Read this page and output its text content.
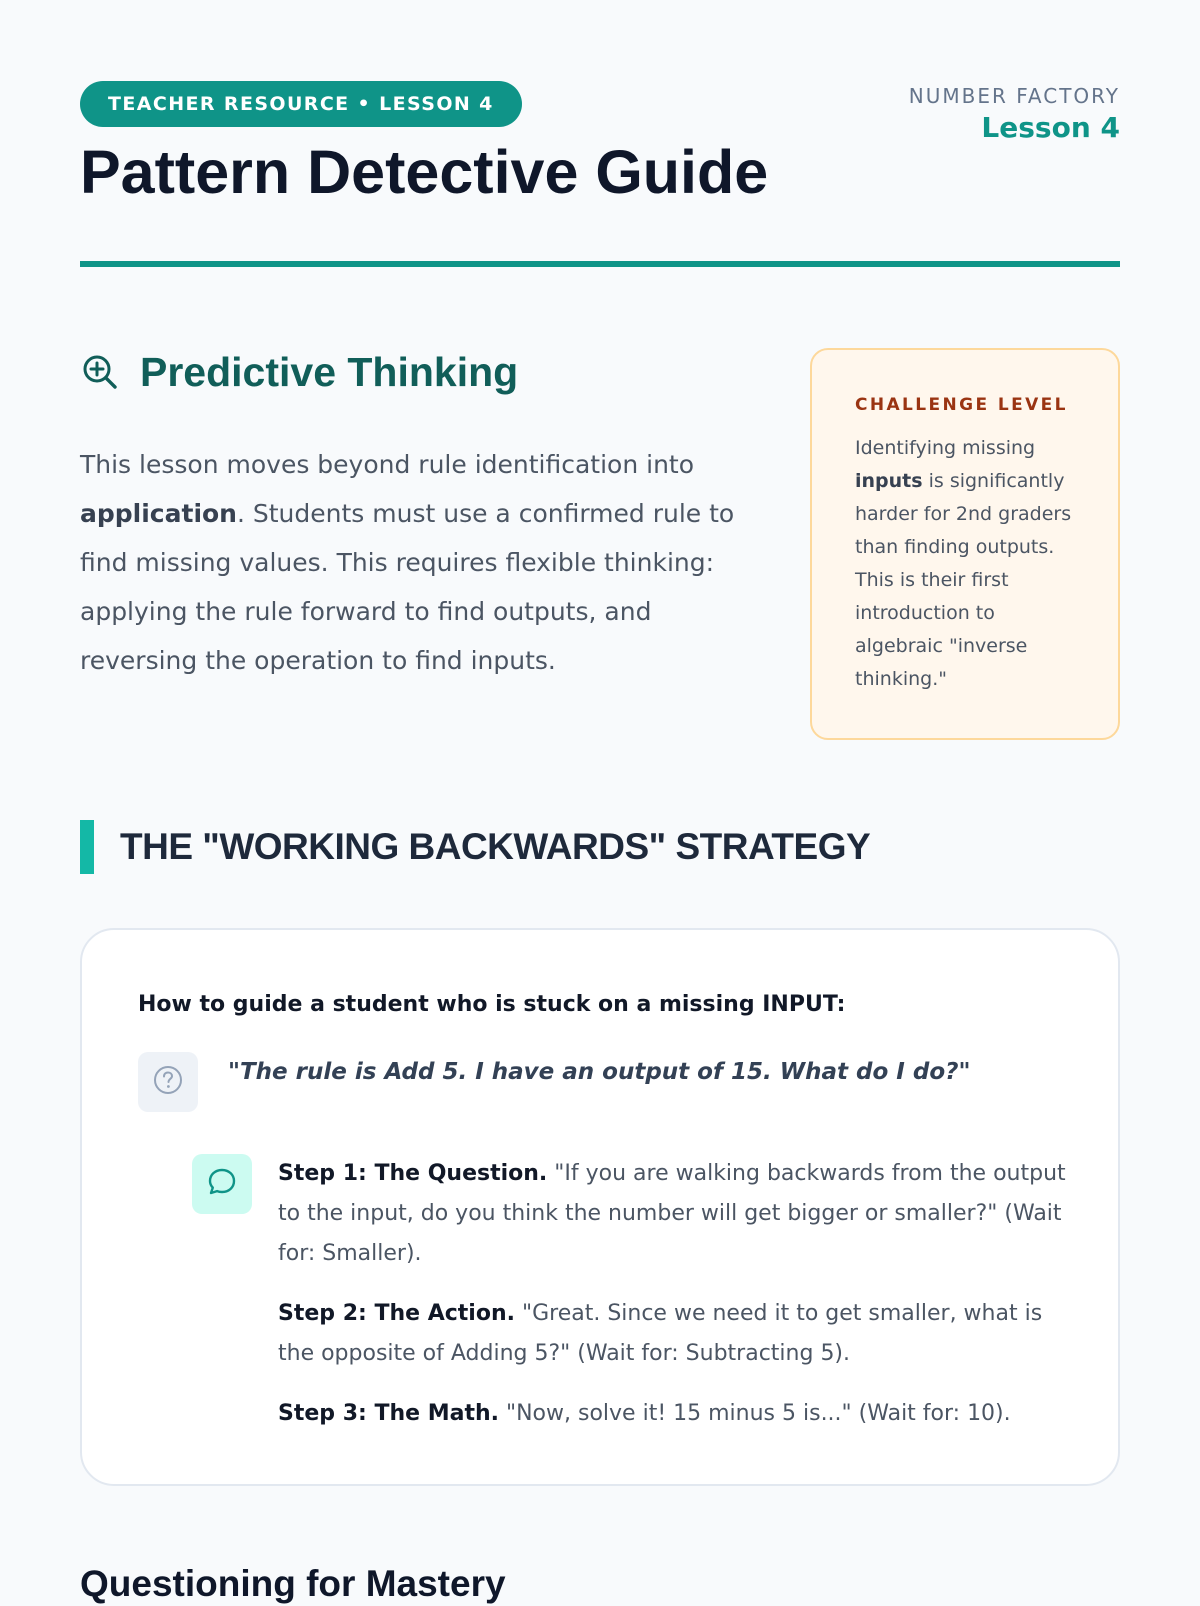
TEACHER RESOURCE • LESSON 4
Pattern Detective Guide
NUMBER FACTORY
Lesson 4
Predictive Thinking

This lesson moves beyond rule identification into application. Students must use a confirmed rule to find missing values. This requires flexible thinking: applying the rule forward to find outputs, and reversing the operation to find inputs.

CHALLENGE LEVEL

Identifying missing inputs is significantly harder for 2nd graders than finding outputs. This is their first introduction to algebraic "inverse thinking."

THE "WORKING BACKWARDS" STRATEGY
How to guide a student who is stuck on a missing INPUT:
"The rule is Add 5. I have an output of 15. What do I do?"

Step 1: The Question. "If you are walking backwards from the output to the input, do you think the number will get bigger or smaller?" (Wait for: Smaller).

Step 2: The Action. "Great. Since we need it to get smaller, what is the opposite of Adding 5?" (Wait for: Subtracting 5).

Step 3: The Math. "Now, solve it! 15 minus 5 is..." (Wait for: 10).

Questioning for Mastery
